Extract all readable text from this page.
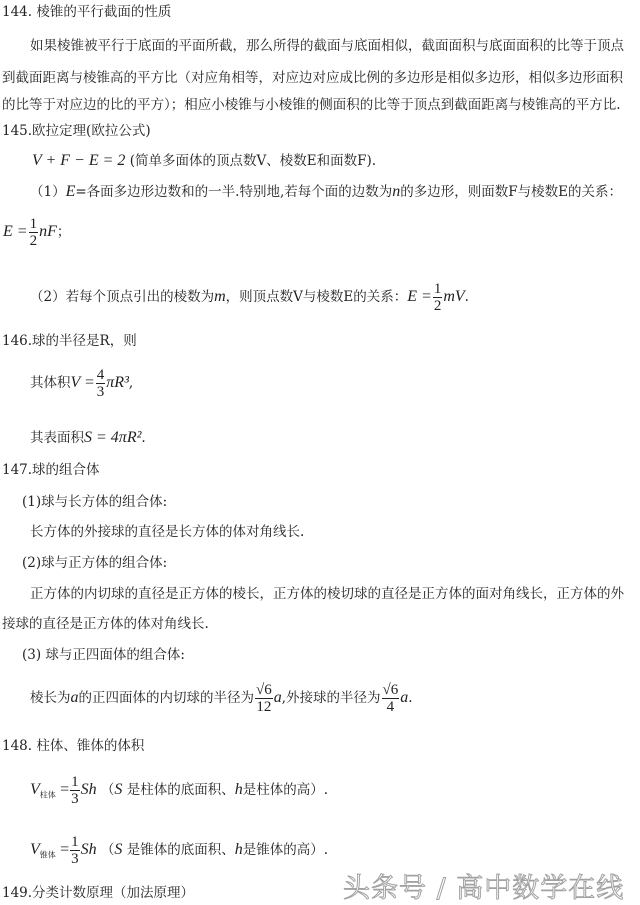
144. 棱锥的平行截面的性质
如果棱锥被平行于底面的平面所截，那么所得的截面与底面相似，截面面积与底面面积的比等于顶点
到截面距离与棱锥高的平方比（对应角相等，对应边对应成比例的多边形是相似多边形，相似多边形面积
的比等于对应边的比的平方）；相应小棱锥与小棱锥的侧面积的比等于顶点到截面距离与棱锥高的平方比.
145.欧拉定理(欧拉公式)
V + F − E = 2 (简单多面体的顶点数V、棱数E和面数F).
（1）E=各面多边形边数和的一半.特别地,若每个面的边数为n的多边形，则面数F与棱数E的关系：
$E = \frac{1}{2}$ nF；
（2）若每个顶点引出的棱数为m，则顶点数V与棱数E的关系：$E = \frac{1}{2}$ mV.
146.球的半径是R，则
其体积$V = \frac{4}{3} \pi R^3$,
其表面积S = 4πR².
147.球的组合体
(1)球与长方体的组合体:
长方体的外接球的直径是长方体的体对角线长.
(2)球与正方体的组合体:
正方体的内切球的直径是正方体的棱长，正方体的棱切球的直径是正方体的面对角线长，正方体的外
接球的直径是正方体的体对角线长.
(3) 球与正四面体的组合体:
棱长为a的正四面体的内切球的半径为 $\frac{√6}{12} a$,外接球的半径为 $\frac{√6}{4} a$.
148. 柱体、锥体的体积
$V_{柱体} = \frac{1}{3}$ Sh （S 是柱体的底面积、h是柱体的高）.
$V_{锥体} = \frac{1}{3}$ Sh （S 是锥体的底面积、h是锥体的高）.
149.分类计数原理（加法原理）	头条号 / 高中数学在线
